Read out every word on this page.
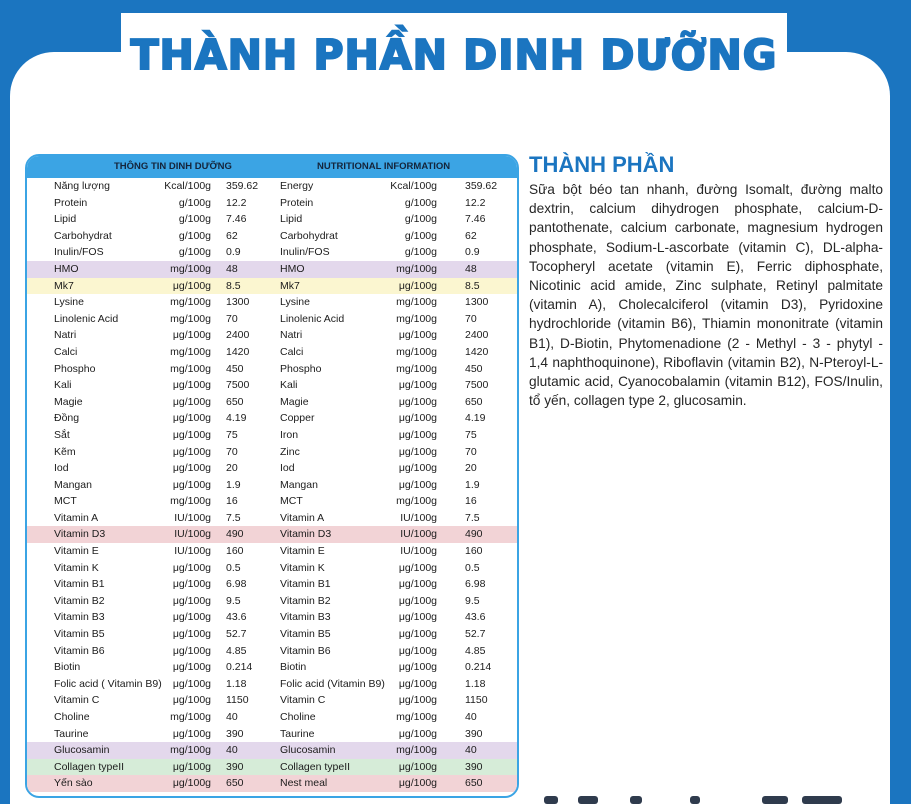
THÀNH PHẦN DINH DƯỠNG
THÔNG TIN DINH DƯỠNG	NUTRITIONAL INFORMATION
Năng lượng	Kcal/100g 359.62 Energy	Kcal/100g	359.62
Protein	g/100g 12.2	Protein	g/100g	12.2
Lipid	g/100g 7.46	Lipid	g/100g	7.46
Carbohydrat	g/100g 62	Carbohydrat	g/100g	62
Inulin/FOS	g/100g 0.9	Inulin/FOS	g/100g	0.9
HMO	mg/100g 48	HMO	mg/100g	48
Mk7	μg/100g 8.5	Mk7	μg/100g	8.5
Lysine	mg/100g 1300	Lysine	mg/100g	1300
Linolenic Acid	mg/100g 70	Linolenic Acid	mg/100g	70
Natri	μg/100g 2400	Natri	μg/100g	2400
Calci	mg/100g 1420	Calci	mg/100g	1420
Phospho	mg/100g 450	Phospho	mg/100g	450
Kali	μg/100g 7500	Kali	μg/100g	7500
Magie	μg/100g 650	Magie	μg/100g	650
Đồng	μg/100g 4.19	Copper	μg/100g	4.19
Sắt	μg/100g 75	Iron	μg/100g	75
Kẽm	μg/100g 70	Zinc	μg/100g	70
Iod	μg/100g 20	Iod	μg/100g	20
Mangan	μg/100g 1.9	Mangan	μg/100g	1.9
MCT	mg/100g 16	MCT	mg/100g	16
Vitamin A	IU/100g 7.5	Vitamin A	IU/100g	7.5
Vitamin D3	IU/100g 490	Vitamin D3	IU/100g	490
Vitamin E	IU/100g 160	Vitamin E	IU/100g	160
Vitamin K	μg/100g 0.5	Vitamin K	μg/100g	0.5
Vitamin B1	μg/100g 6.98	Vitamin B1	μg/100g	6.98
Vitamin B2	μg/100g 9.5	Vitamin B2	μg/100g	9.5
Vitamin B3	μg/100g 43.6	Vitamin B3	μg/100g	43.6
Vitamin B5	μg/100g 52.7	Vitamin B5	μg/100g	52.7
Vitamin B6	μg/100g 4.85	Vitamin B6	μg/100g	4.85
Biotin	μg/100g 0.214	Biotin	μg/100g	0.214
Folic acid ( Vitamin B9)	μg/100g 1.18	Folic acid (Vitamin B9)	μg/100g	1.18
Vitamin C	μg/100g 1150	Vitamin C	μg/100g	1150
Choline	mg/100g 40	Choline	mg/100g	40
Taurine	μg/100g 390	Taurine	μg/100g	390
Glucosamin	mg/100g 40	Glucosamin	mg/100g	40
Collagen typeII	μg/100g 390	Collagen typeII	μg/100g	390
Yến sào	μg/100g 650	Nest meal	μg/100g	650
THÀNH PHẦN
Sữa bột béo tan nhanh, đường Isomalt, đường malto dextrin, calcium dihydrogen phosphate, calcium-D-pantothenate, calcium carbonate, magnesium hydrogen phosphate, Sodium-L-ascorbate (vitamin C), DL-alpha-Tocopheryl acetate (vitamin E), Ferric diphosphate, Nicotinic acid amide, Zinc sulphate, Retinyl palmitate (vitamin A), Cholecalciferol (vitamin D3), Pyridoxine hydrochloride (vitamin B6), Thiamin mononitrate (vitamin B1), D-Biotin, Phytomenadione (2 - Methyl - 3 - phytyl - 1,4 naphthoquinone), Riboflavin (vitamin B2), N-Pteroyl-L-glutamic acid, Cyanocobalamin (vitamin B12), FOS/Inulin, tổ yến, collagen type 2, glucosamin.
